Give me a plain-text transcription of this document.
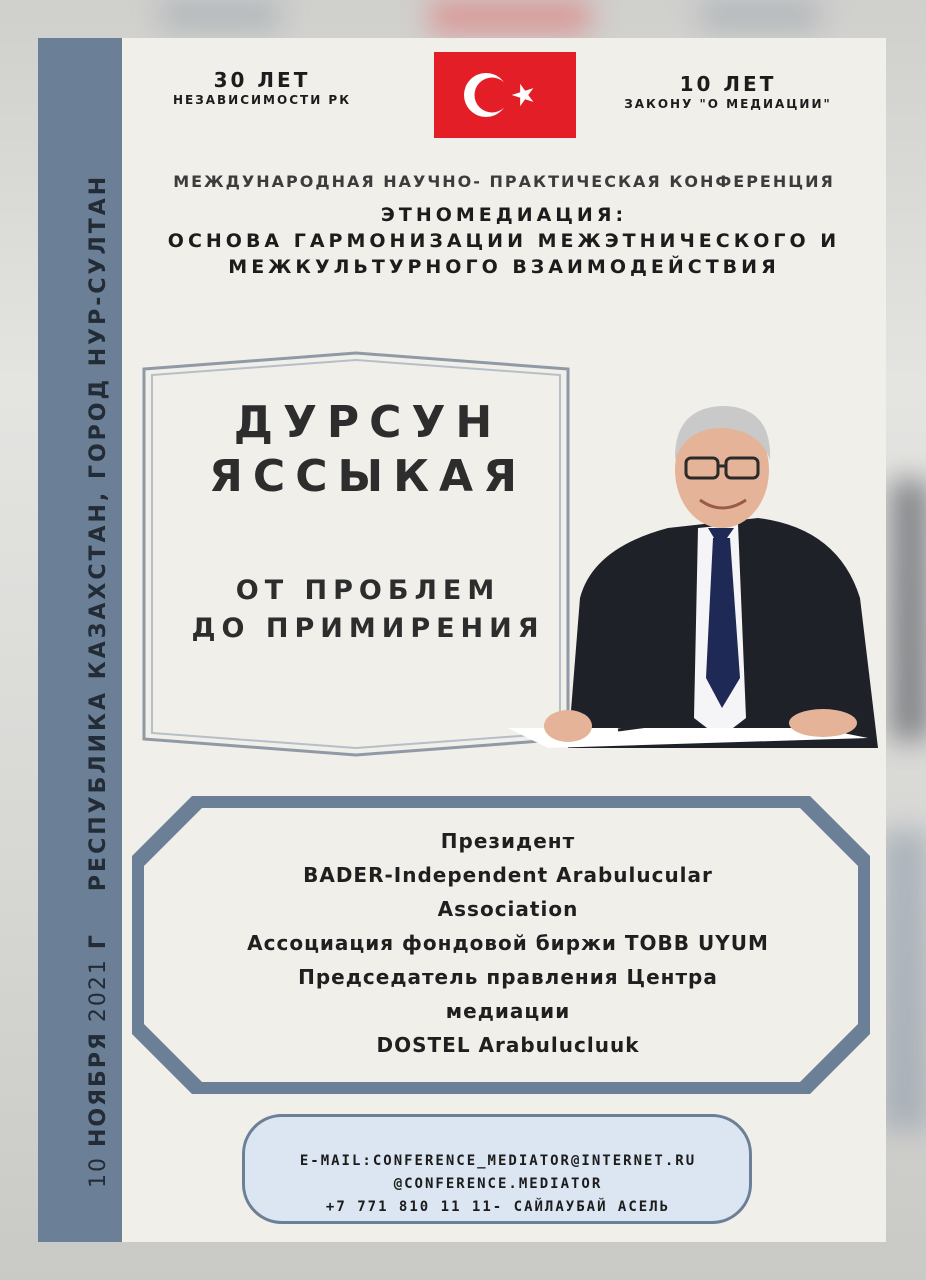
10 НОЯБРЯ 2021 Г  РЕСПУБЛИКА КАЗАХСТАН, ГОРОД НУР-СУЛТАН
30 ЛЕТ
НЕЗАВИСИМОСТИ РК
10 ЛЕТ
ЗАКОНУ "О МЕДИАЦИИ"
МЕЖДУНАРОДНАЯ НАУЧНО- ПРАКТИЧЕСКАЯ КОНФЕРЕНЦИЯ
ЭТНОМЕДИАЦИЯ:
ОСНОВА ГАРМОНИЗАЦИИ МЕЖЭТНИЧЕСКОГО И
МЕЖКУЛЬТУРНОГО ВЗАИМОДЕЙСТВИЯ
ДУРСУН
ЯССЫКАЯ
ОТ ПРОБЛЕМ
ДО ПРИМИРЕНИЯ
Президент
BADER-Independent Arabulucular
Association
Ассоциация фондовой биржи TOBB UYUM
Председатель правления Центра
медиации
DOSTEL Arabulucluuk
E-MAIL:CONFERENCE_MEDIATOR@INTERNET.RU
@CONFERENCE.MEDIATOR
+7 771 810 11 11- САЙЛАУБАЙ АСЕЛЬ
